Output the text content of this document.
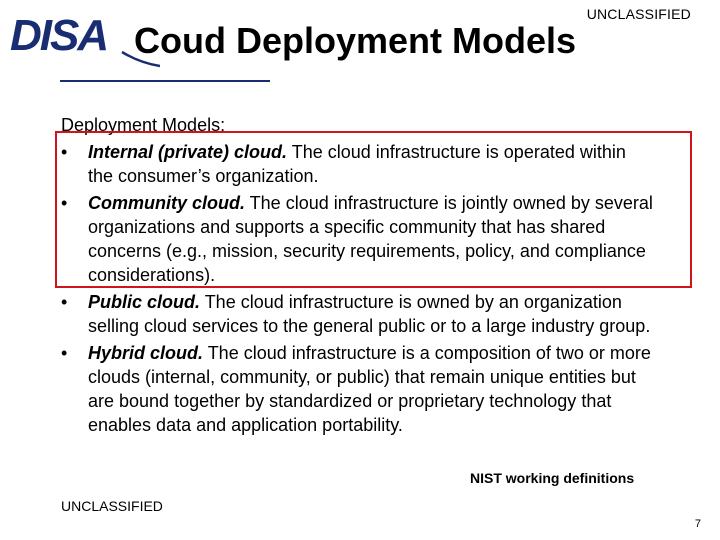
DISA	UNCLASSIFIED
Coud Deployment Models

Deployment Models:

• Internal (private) cloud. The cloud infrastructure is operated within the consumer’s organization.
• Community cloud. The cloud infrastructure is jointly owned by several organizations and supports a specific community that has shared concerns (e.g., mission, security requirements, policy, and compliance considerations).
• Public cloud. The cloud infrastructure is owned by an organization selling cloud services to the general public or to a large industry group.
• Hybrid cloud. The cloud infrastructure is a composition of two or more clouds (internal, community, or public) that remain unique entities but are bound together by standardized or proprietary technology that enables data and application portability.
NIST working definitions
UNCLASSIFIED
7
